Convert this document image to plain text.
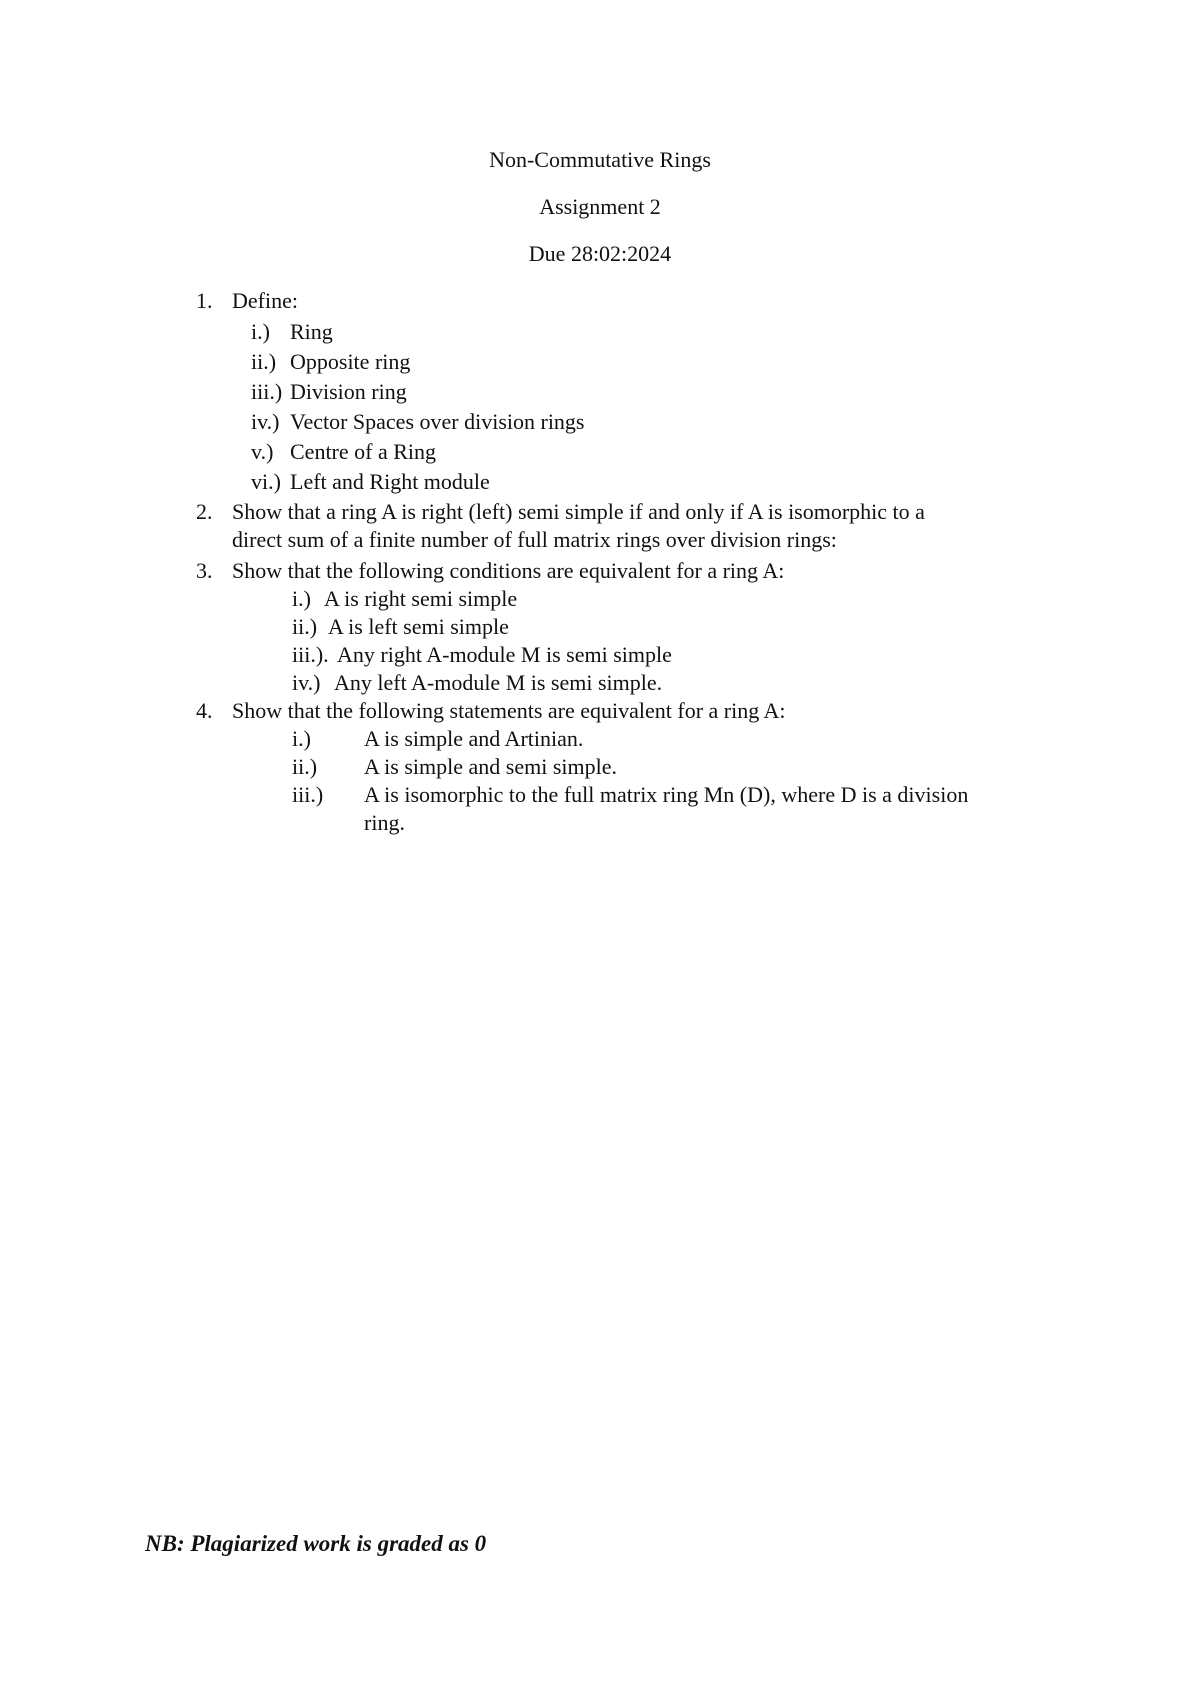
Non-Commutative Rings
Assignment 2
Due 28:02:2024
1. Define:
i.) Ring
ii.) Opposite ring
iii.) Division ring
iv.) Vector Spaces over division rings
v.) Centre of a Ring
vi.) Left and Right module
2. Show that a ring A is right (left) semi simple if and only if A is isomorphic to a
direct sum of a finite number of full matrix rings over division rings:
3. Show that the following conditions are equivalent for a ring A:
i.) A is right semi simple
ii.) A is left semi simple
iii.). Any right A-module M is semi simple
iv.) Any left A-module M is semi simple.
4. Show that the following statements are equivalent for a ring A:
i.) A is simple and Artinian.
ii.) A is simple and semi simple.
iii.) A is isomorphic to the full matrix ring Mn (D), where D is a division
ring.
NB: Plagiarized work is graded as 0
